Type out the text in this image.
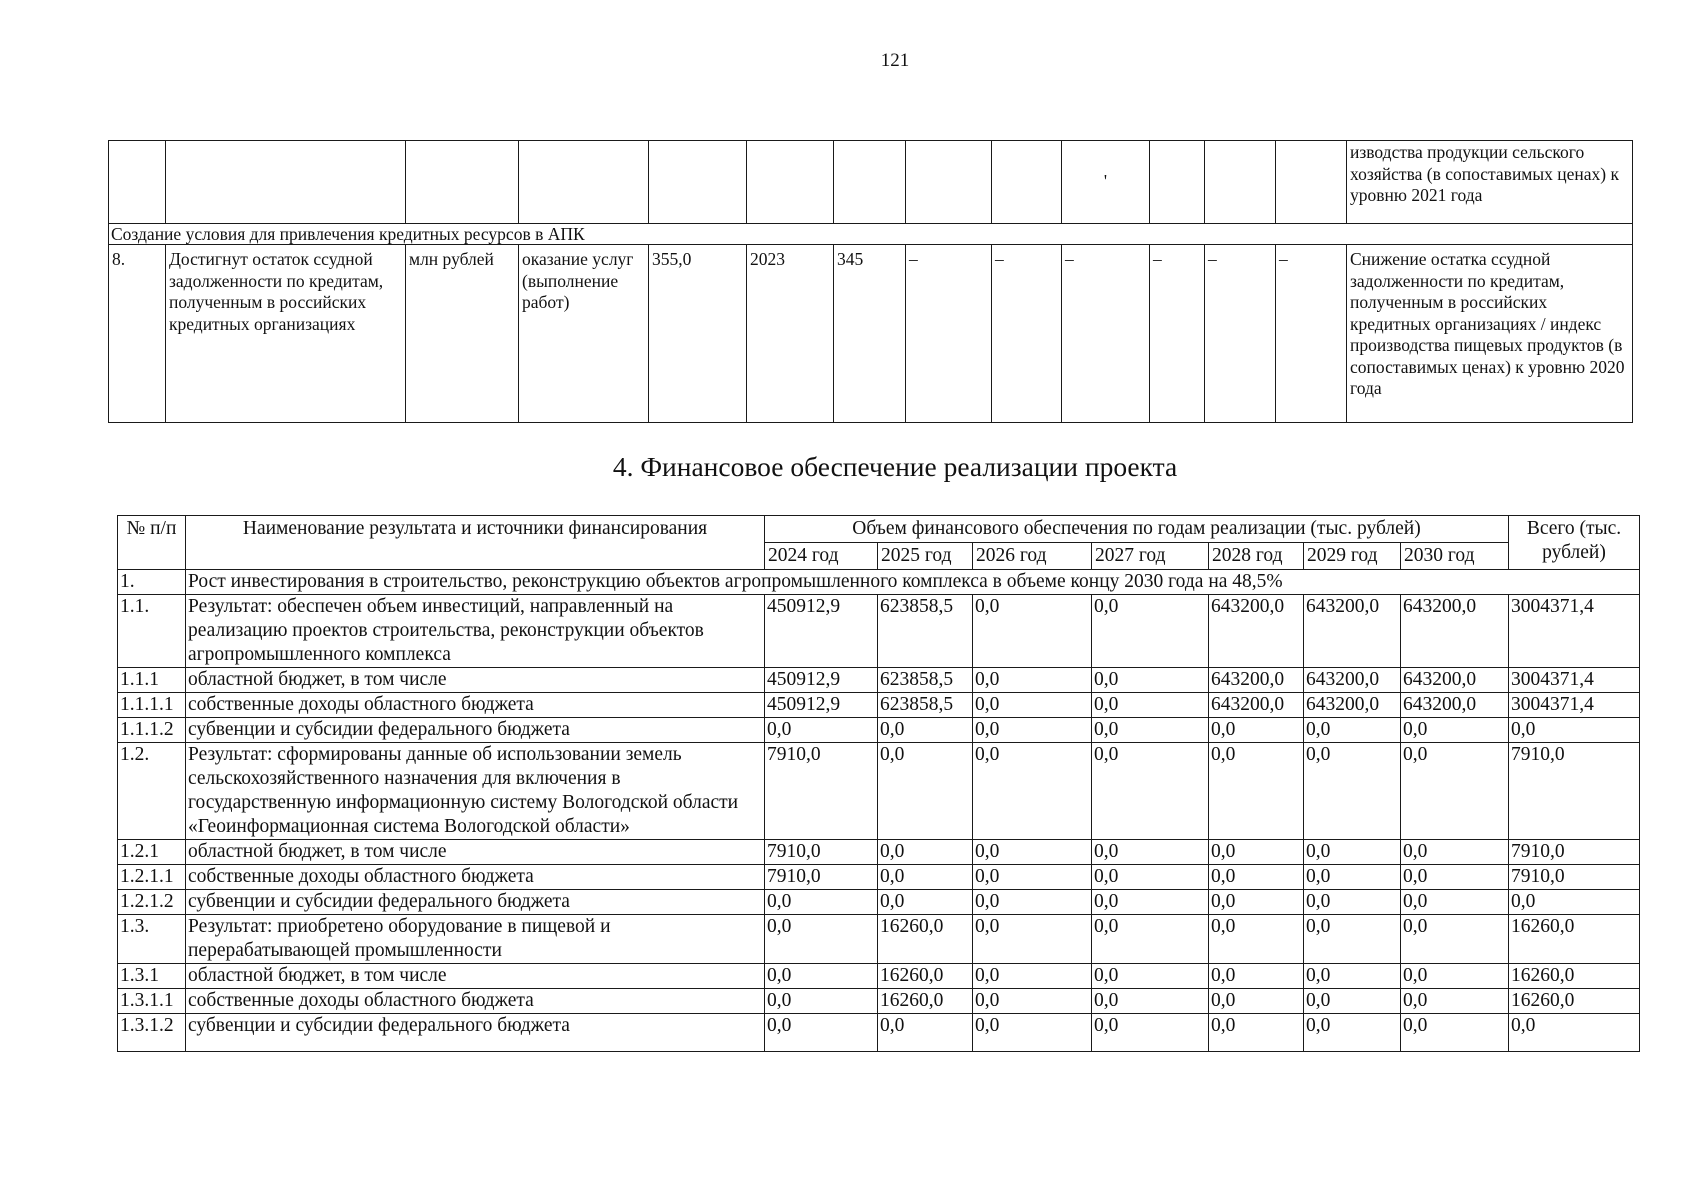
121
									'				изводства продукции сельского хозяйства (в сопоставимых ценах) к уровню 2021 года
Создание условия для привлечения кредитных ресурсов в АПК													
8.	Достигнут остаток ссудной задолженности по кредитам, полученным в российских кредитных организациях	млн рублей	оказание услуг (выполнение работ)	355,0	2023	345	–	–	–	–	–	–	Снижение остатка ссудной задолженности по кредитам, полученным в российских кредитных организациях / индекс производства пищевых продуктов (в сопоставимых ценах) к уровню 2020 года
4. Финансовое обеспечение реализации проекта
№ п/п	Наименование результата и источники финансирования	Объем финансового обеспечения по годам реализации (тыс. рублей)							Всего (тыс. рублей)
		2024 год	2025 год	2026 год	2027 год	2028 год	2029 год	2030 год	
1.	Рост инвестирования в строительство, реконструкцию объектов агропромышленного комплекса в объеме концу 2030 года на 48,5%								
1.1.	Результат: обеспечен объем инвестиций, направленный на реализацию проектов строительства, реконструкции объектов агропромышленного комплекса	450912,9	623858,5	0,0	0,0	643200,0	643200,0	643200,0	3004371,4
1.1.1	областной бюджет, в том числе	450912,9	623858,5	0,0	0,0	643200,0	643200,0	643200,0	3004371,4
1.1.1.1	собственные доходы областного бюджета	450912,9	623858,5	0,0	0,0	643200,0	643200,0	643200,0	3004371,4
1.1.1.2	субвенции и субсидии федерального бюджета	0,0	0,0	0,0	0,0	0,0	0,0	0,0	0,0
1.2.	Результат: сформированы данные об использовании земель сельскохозяйственного назначения для включения в государственную информационную систему Вологодской области «Геоинформационная система Вологодской области»	7910,0	0,0	0,0	0,0	0,0	0,0	0,0	7910,0
1.2.1	областной бюджет, в том числе	7910,0	0,0	0,0	0,0	0,0	0,0	0,0	7910,0
1.2.1.1	собственные доходы областного бюджета	7910,0	0,0	0,0	0,0	0,0	0,0	0,0	7910,0
1.2.1.2	субвенции и субсидии федерального бюджета	0,0	0,0	0,0	0,0	0,0	0,0	0,0	0,0
1.3.	Результат: приобретено оборудование в пищевой и перерабатывающей промышленности	0,0	16260,0	0,0	0,0	0,0	0,0	0,0	16260,0
1.3.1	областной бюджет, в том числе	0,0	16260,0	0,0	0,0	0,0	0,0	0,0	16260,0
1.3.1.1	собственные доходы областного бюджета	0,0	16260,0	0,0	0,0	0,0	0,0	0,0	16260,0
1.3.1.2	субвенции и субсидии федерального бюджета	0,0	0,0	0,0	0,0	0,0	0,0	0,0	0,0
